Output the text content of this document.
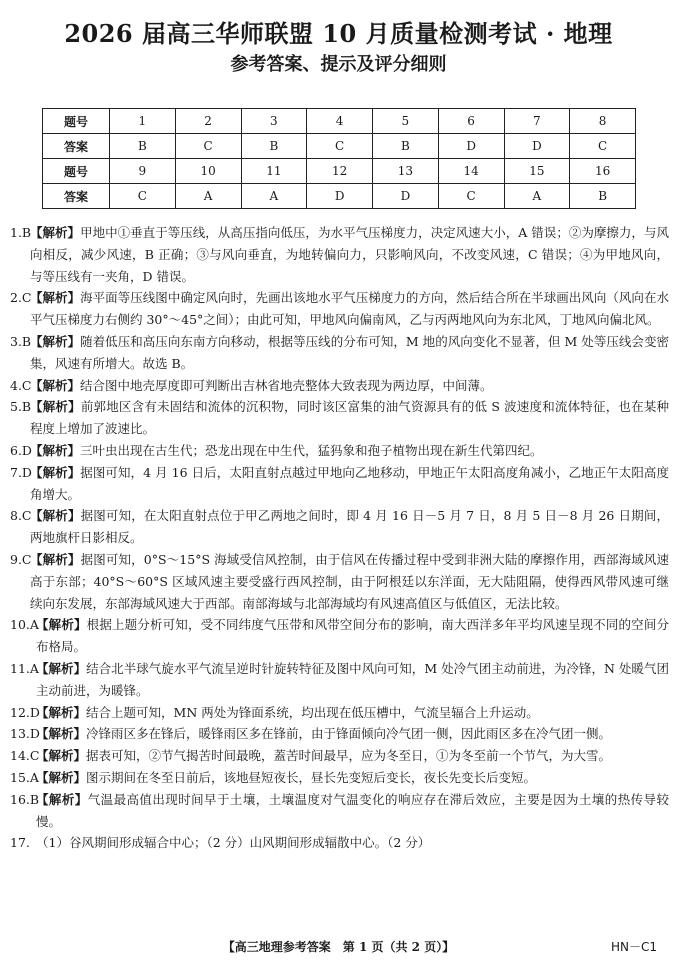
2026 届高三华师联盟 10 月质量检测考试 · 地理
参考答案、提示及评分细则
题号	1	2	3	4	5	6	7	8
答案	B	C	B	C	B	D	D	C
题号	9	10	11	12	13	14	15	16
答案	C	A	A	D	D	C	A	B
1.B
【解析】甲地中①垂直于等压线，从高压指向低压，为水平气压梯度力，决定风速大小，A 错误；②为摩擦力，与风向相反，减少风速，B 正确；③与风向垂直，为地转偏向力，只影响风向，不改变风速，C 错误；④为甲地风向，与等压线有一夹角，D 错误。
2.C
【解析】海平面等压线图中确定风向时，先画出该地水平气压梯度力的方向，然后结合所在半球画出风向（风向在水平气压梯度力右侧约 30°～45°之间）；由此可知，甲地风向偏南风，乙与丙两地风向为东北风，丁地风向偏北风。
3.B
【解析】随着低压和高压向东南方向移动，根据等压线的分布可知，M 地的风向变化不显著，但 M 处等压线会变密集，风速有所增大。故选 B。
4.C
【解析】结合图中地壳厚度即可判断出吉林省地壳整体大致表现为两边厚，中间薄。
5.B
【解析】前郭地区含有未固结和流体的沉积物，同时该区富集的油气资源具有的低 S 波速度和流体特征，也在某种程度上增加了波速比。
6.D
【解析】三叶虫出现在古生代；恐龙出现在中生代，猛犸象和孢子植物出现在新生代第四纪。
7.D
【解析】据图可知，4 月 16 日后，太阳直射点越过甲地向乙地移动，甲地正午太阳高度角减小，乙地正午太阳高度角增大。
8.C
【解析】据图可知，在太阳直射点位于甲乙两地之间时，即 4 月 16 日－5 月 7 日，8 月 5 日－8 月 26 日期间，两地旗杆日影相反。
9.C
【解析】据图可知，0°S～15°S 海域受信风控制，由于信风在传播过程中受到非洲大陆的摩擦作用，西部海域风速高于东部；40°S～60°S 区域风速主要受盛行西风控制，由于阿根廷以东洋面，无大陆阻隔，使得西风带风速可继续向东发展，东部海域风速大于西部。南部海域与北部海域均有风速高值区与低值区，无法比较。
10.A
【解析】根据上题分析可知，受不同纬度气压带和风带空间分布的影响，南大西洋多年平均风速呈现不同的空间分布格局。
11.A
【解析】结合北半球气旋水平气流呈逆时针旋转特征及图中风向可知，M 处冷气团主动前进，为冷锋，N 处暖气团主动前进，为暖锋。
12.D
【解析】结合上题可知，MN 两处为锋面系统，均出现在低压槽中，气流呈辐合上升运动。
13.D
【解析】冷锋雨区多在锋后，暖锋雨区多在锋前，由于锋面倾向冷气团一侧，因此雨区多在冷气团一侧。
14.C
【解析】据表可知，②节气揭苦时间最晚，蓋苦时间最早，应为冬至日，①为冬至前一个节气，为大雪。
15.A
【解析】图示期间在冬至日前后，该地昼短夜长，昼长先变短后变长，夜长先变长后变短。
16.B
【解析】气温最高值出现时间早于土壤，土壤温度对气温变化的响应存在滞后效应，主要是因为土壤的热传导较慢。
17. （1）谷风期间形成辐合中心；（2 分）山风期间形成辐散中心。（2 分）
【高三地理参考答案　第 1 页（共 2 页）】	HN－C1
